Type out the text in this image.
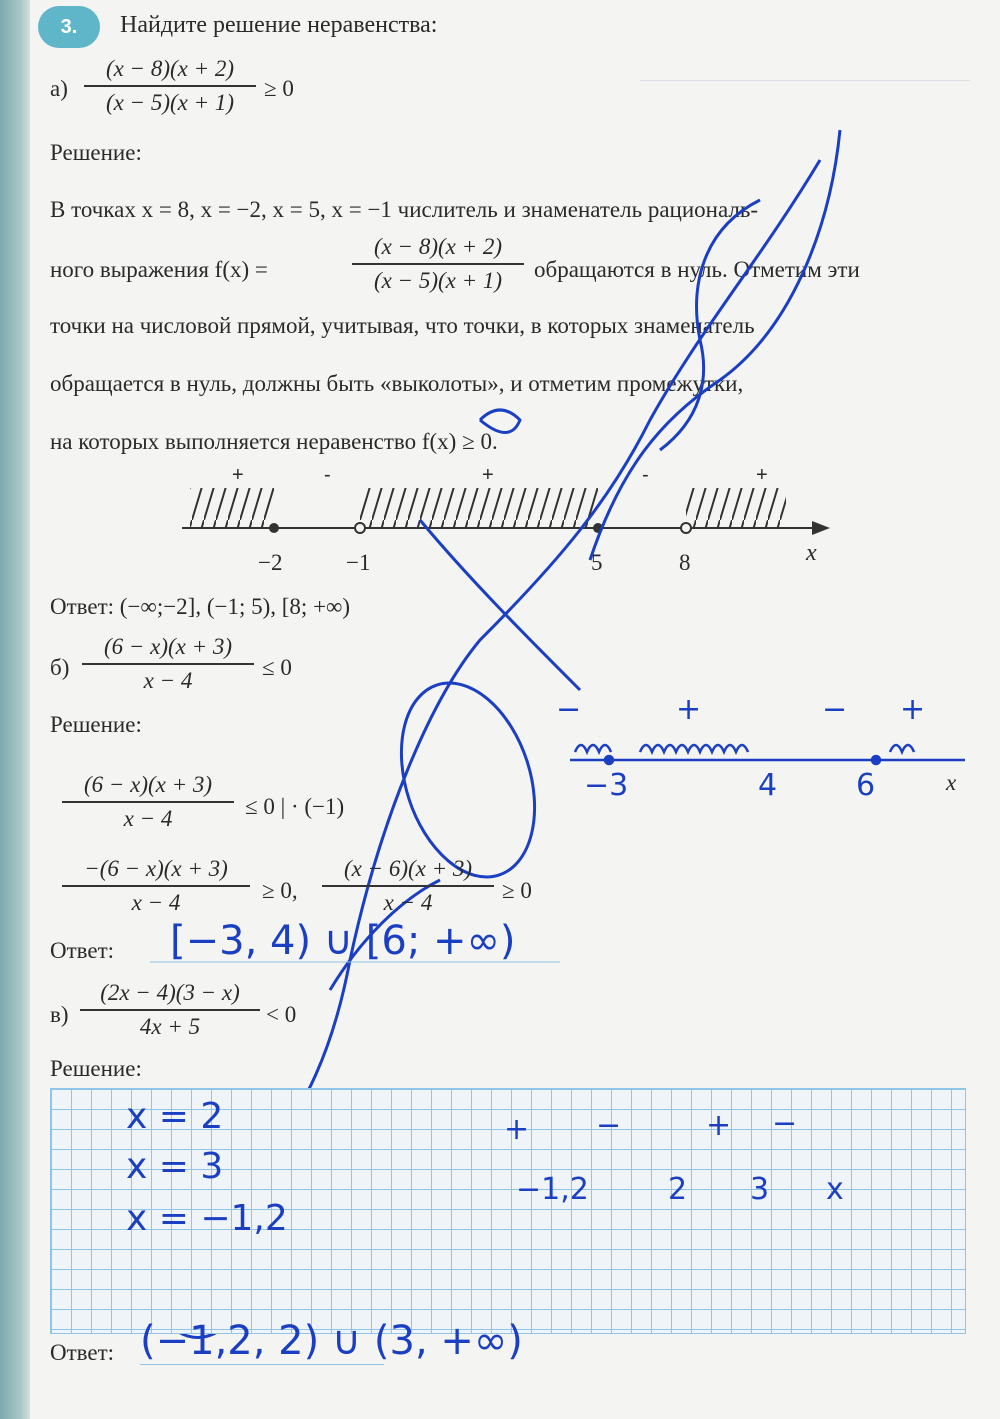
3.	Найдите решение неравенства:
а)
(x − 8)(x + 2)
(x − 5)(x + 1)
≥ 0
Решение:
В точках x = 8, x = −2, x = 5, x = −1 числитель и знаменатель рациональ-
ного выражения f(x) =
(x − 8)(x + 2)
(x − 5)(x + 1)	обращаются в нуль. Отметим эти
точки на числовой прямой, учитывая, что точки, в которых знаменатель
обращается в нуль, должны быть «выколоты», и отметим промежутки,
на которых выполняется неравенство f(x) ≥ 0.
+	-	+	-	+
−2	−1	5	8	x
Ответ: (−∞;−2], (−1; 5), [8; +∞)
б)
(6 − x)(x + 3)
x − 4
≤ 0
Решение:
(6 − x)(x + 3)
x − 4	≤ 0 | · (−1)
−(6 − x)(x + 3)
x − 4	≥ 0,
(x − 6)(x + 3)
x − 4	≥ 0
Ответ: [−3, 4) ∪ [6; +∞)
−	+	− +
−3	4	6	x
в)
(2x − 4)(3 − x)
4x + 5	< 0
Решение:
x = 2
x = 3
x = −1,2
+ −	+ −
−1,2	2 3 x
Ответ: (−1,2, 2) ∪ (3, +∞)
